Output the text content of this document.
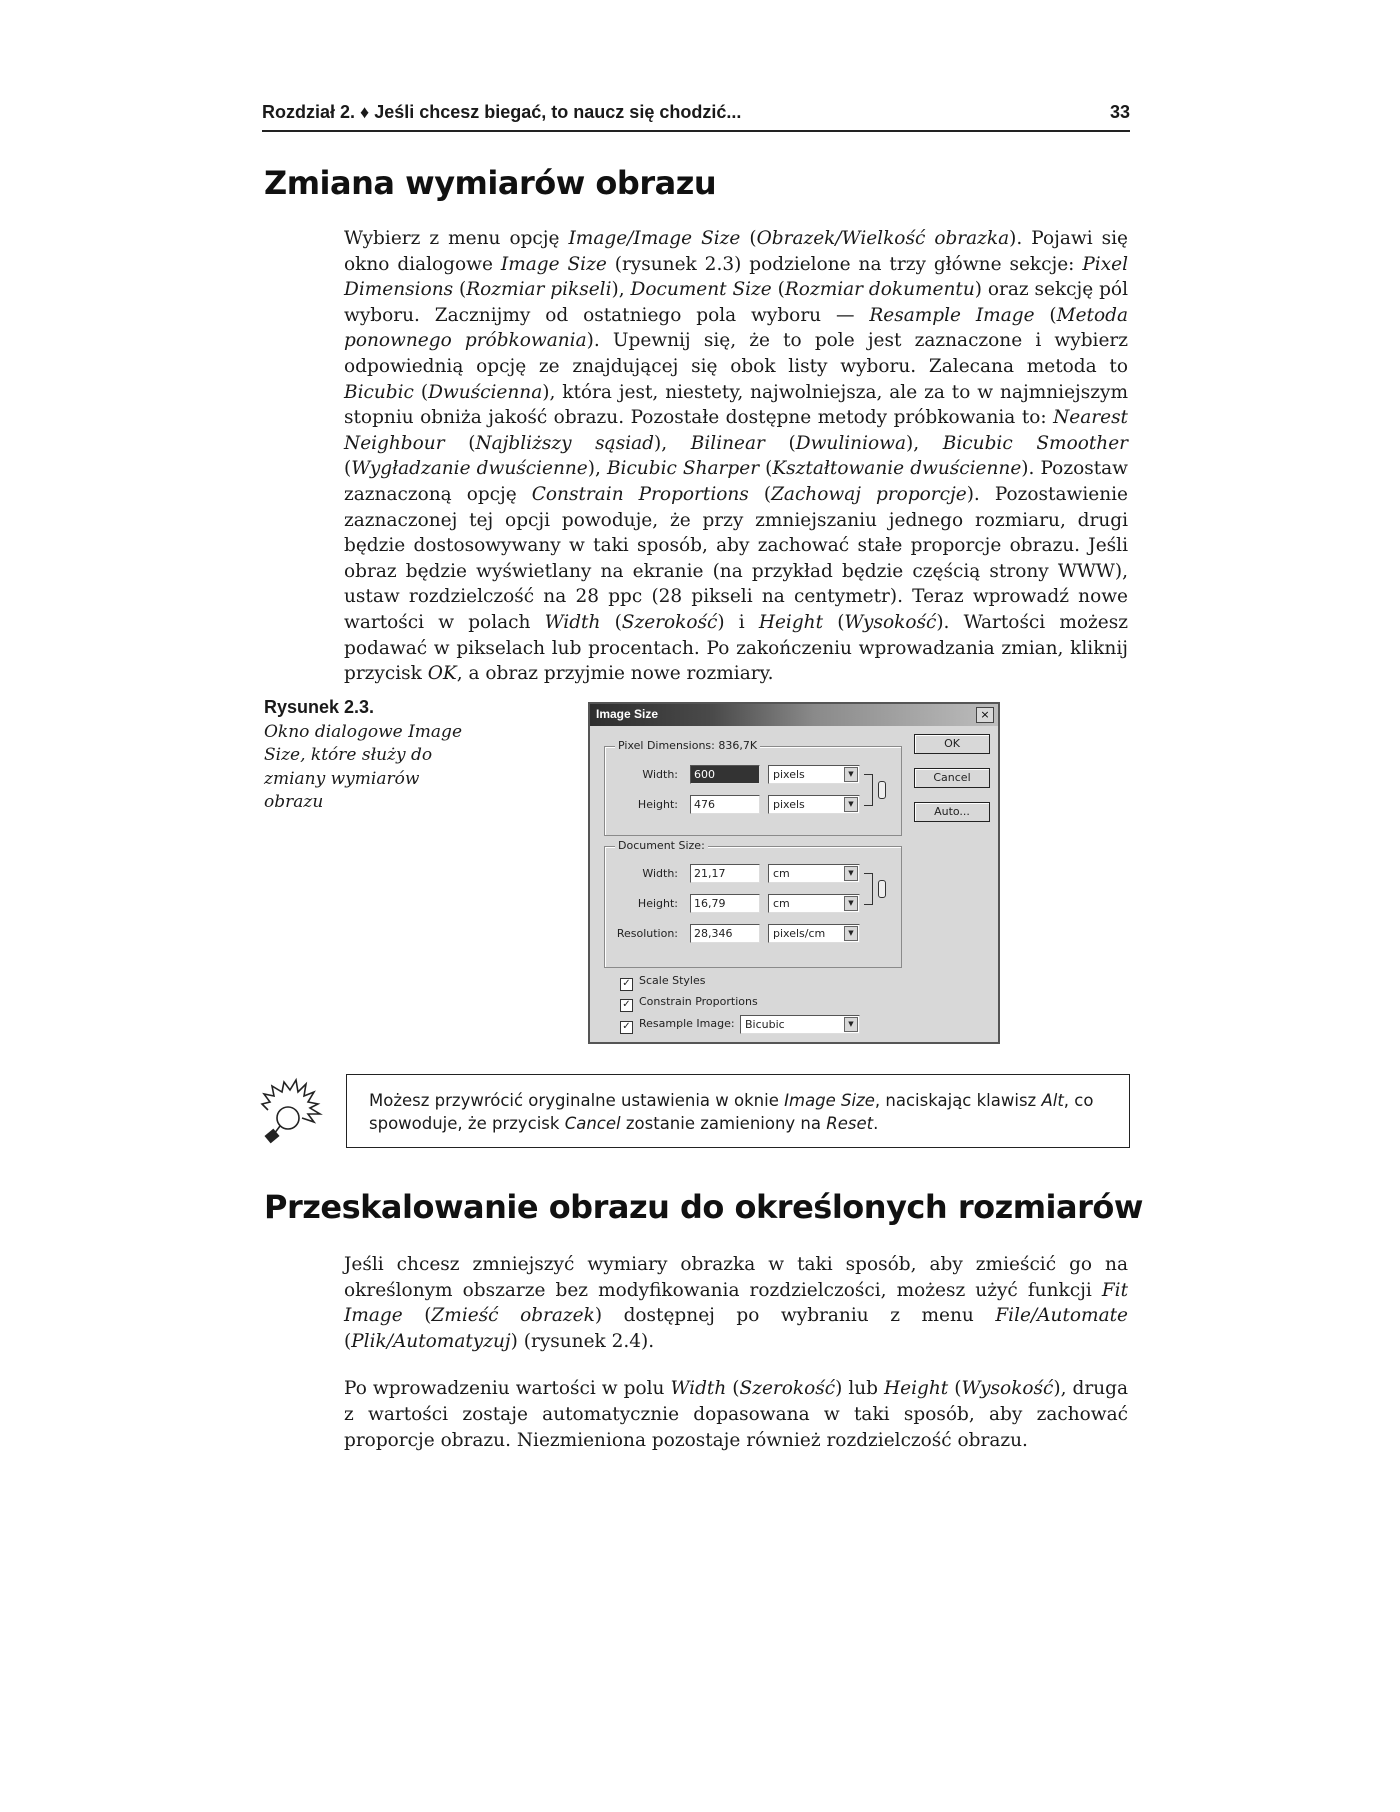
Rozdział 2. ♦ Jeśli chcesz biegać, to naucz się chodzić...	33
Zmiana wymiarów obrazu

Wybierz z menu opcję Image/Image Size (Obrazek/Wielkość obrazka). Pojawi się okno dialogowe Image Size (rysunek 2.3) podzielone na trzy główne sekcje: Pixel Dimensions (Rozmiar pikseli), Document Size (Rozmiar dokumentu) oraz sekcję pól wyboru. Zacznijmy od ostatniego pola wyboru — Resample Image (Metoda ponownego próbkowania). Upewnij się, że to pole jest zaznaczone i wybierz odpowiednią opcję ze znajdującej się obok listy wyboru. Zalecana metoda to Bicubic (Dwuścienna), która jest, niestety, najwolniejsza, ale za to w najmniejszym stopniu obniża jakość obrazu. Pozostałe dostępne metody próbkowania to: Nearest Neighbour (Najbliższy sąsiad), Bilinear (Dwuliniowa), Bicubic Smoother (Wygładzanie dwuścienne), Bicubic Sharper (Kształtowanie dwuścienne). Pozostaw zaznaczoną opcję Constrain Proportions (Zachowaj proporcje). Pozostawienie zaznaczonej tej opcji powoduje, że przy zmniejszaniu jednego rozmiaru, drugi będzie dostosowywany w taki sposób, aby zachować stałe proporcje obrazu. Jeśli obraz będzie wyświetlany na ekranie (na przykład będzie częścią strony WWW), ustaw rozdzielczość na 28 ppc (28 pikseli na centymetr). Teraz wprowadź nowe wartości w polach Width (Szerokość) i Height (Wysokość). Wartości możesz podawać w pikselach lub procentach. Po zakończeniu wprowadzania zmian, kliknij przycisk OK, a obraz przyjmie nowe rozmiary.

Rysunek 2.3.
Okno dialogowe Image Size, które służy do zmiany wymiarów obrazu
Image Size	×
Pixel Dimensions: 836,7K
Width:	600	pixels	▼
Height:	476	pixels	▼
Document Size:
Width:	21,17	cm	▼
Height:	16,79	cm	▼
Resolution:	28,346	pixels/cm	▼
OK
Cancel
Auto...
✓ Scale Styles
✓ Constrain Proportions
✓ Resample Image: Bicubic	▼
Możesz przywrócić oryginalne ustawienia w oknie Image Size, naciskając klawisz Alt, co spowoduje, że przycisk Cancel zostanie zamieniony na Reset.
Przeskalowanie obrazu do określonych rozmiarów

Jeśli chcesz zmniejszyć wymiary obrazka w taki sposób, aby zmieścić go na określonym obszarze bez modyfikowania rozdzielczości, możesz użyć funkcji Fit Image (Zmieść obrazek) dostępnej po wybraniu z menu File/Automate (Plik/Automatyzuj) (rysunek 2.4).

Po wprowadzeniu wartości w polu Width (Szerokość) lub Height (Wysokość), druga z wartości zostaje automatycznie dopasowana w taki sposób, aby zachować proporcje obrazu. Niezmieniona pozostaje również rozdzielczość obrazu.
